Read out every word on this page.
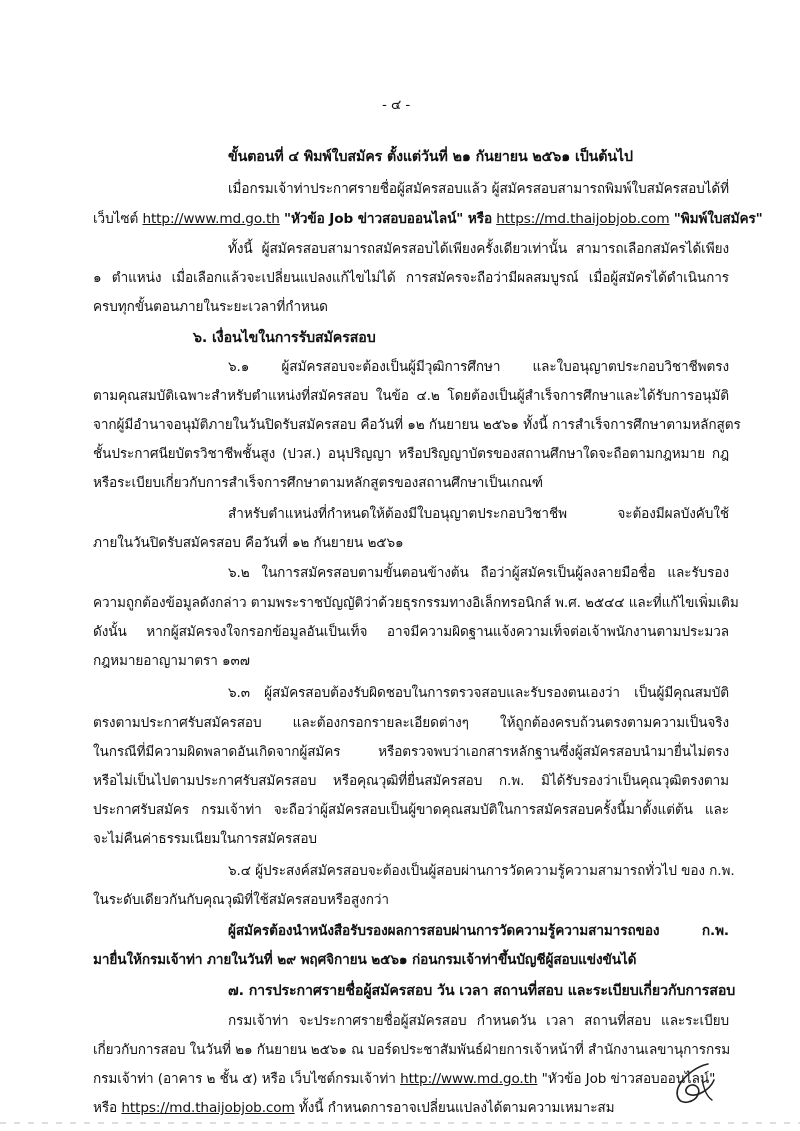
- ๔ -
ขั้นตอนที่ ๔ พิมพ์ใบสมัคร ตั้งแต่วันที่ ๒๑ กันยายน ๒๕๖๑ เป็นต้นไป
เมื่อกรมเจ้าท่าประกาศรายชื่อผู้สมัครสอบแล้ว ผู้สมัครสอบสามารถพิมพ์ใบสมัครสอบได้ที่
เว็บไซต์ http://www.md.go.th "หัวข้อ Job ข่าวสอบออนไลน์" หรือ https://md.thaijobjob.com "พิมพ์ใบสมัคร"
ทั้งนี้ ผู้สมัครสอบสามารถสมัครสอบได้เพียงครั้งเดียวเท่านั้น สามารถเลือกสมัครได้เพียง
๑ ตำแหน่ง เมื่อเลือกแล้วจะเปลี่ยนแปลงแก้ไขไม่ได้ การสมัครจะถือว่ามีผลสมบูรณ์ เมื่อผู้สมัครได้ดำเนินการ
ครบทุกขั้นตอนภายในระยะเวลาที่กำหนด
๖. เงื่อนไขในการรับสมัครสอบ
๖.๑ ผู้สมัครสอบจะต้องเป็นผู้มีวุฒิการศึกษา และใบอนุญาตประกอบวิชาชีพตรง
ตามคุณสมบัติเฉพาะสำหรับตำแหน่งที่สมัครสอบ ในข้อ ๔.๒ โดยต้องเป็นผู้สำเร็จการศึกษาและได้รับการอนุมัติ
จากผู้มีอำนาจอนุมัติภายในวันปิดรับสมัครสอบ คือวันที่ ๑๒ กันยายน ๒๕๖๑ ทั้งนี้ การสำเร็จการศึกษาตามหลักสูตร
ชั้นประกาศนียบัตรวิชาชีพชั้นสูง (ปวส.) อนุปริญญา หรือปริญญาบัตรของสถานศึกษาใดจะถือตามกฎหมาย กฎ
หรือระเบียบเกี่ยวกับการสำเร็จการศึกษาตามหลักสูตรของสถานศึกษาเป็นเกณฑ์
สำหรับตำแหน่งที่กำหนดให้ต้องมีใบอนุญาตประกอบวิชาชีพ จะต้องมีผลบังคับใช้
ภายในวันปิดรับสมัครสอบ คือวันที่ ๑๒ กันยายน ๒๕๖๑
๖.๒ ในการสมัครสอบตามขั้นตอนข้างต้น ถือว่าผู้สมัครเป็นผู้ลงลายมือชื่อ และรับรอง
ความถูกต้องข้อมูลดังกล่าว ตามพระราชบัญญัติว่าด้วยธุรกรรมทางอิเล็กทรอนิกส์ พ.ศ. ๒๕๔๔ และที่แก้ไขเพิ่มเติม
ดังนั้น หากผู้สมัครจงใจกรอกข้อมูลอันเป็นเท็จ อาจมีความผิดฐานแจ้งความเท็จต่อเจ้าพนักงานตามประมวล
กฎหมายอาญามาตรา ๑๓๗
๖.๓ ผู้สมัครสอบต้องรับผิดชอบในการตรวจสอบและรับรองตนเองว่า เป็นผู้มีคุณสมบัติ
ตรงตามประกาศรับสมัครสอบ และต้องกรอกรายละเอียดต่างๆ ให้ถูกต้องครบถ้วนตรงตามความเป็นจริง
ในกรณีที่มีความผิดพลาดอันเกิดจากผู้สมัคร หรือตรวจพบว่าเอกสารหลักฐานซึ่งผู้สมัครสอบนำมายื่นไม่ตรง
หรือไม่เป็นไปตามประกาศรับสมัครสอบ หรือคุณวุฒิที่ยื่นสมัครสอบ ก.พ. มิได้รับรองว่าเป็นคุณวุฒิตรงตาม
ประกาศรับสมัคร กรมเจ้าท่า จะถือว่าผู้สมัครสอบเป็นผู้ขาดคุณสมบัติในการสมัครสอบครั้งนี้มาตั้งแต่ต้น และ
จะไม่คืนค่าธรรมเนียมในการสมัครสอบ
๖.๔ ผู้ประสงค์สมัครสอบจะต้องเป็นผู้สอบผ่านการวัดความรู้ความสามารถทั่วไป ของ ก.พ.
ในระดับเดียวกันกับคุณวุฒิที่ใช้สมัครสอบหรือสูงกว่า
ผู้สมัครต้องนำหนังสือรับรองผลการสอบผ่านการวัดความรู้ความสามารถของ ก.พ.
มายื่นให้กรมเจ้าท่า ภายในวันที่ ๒๙ พฤศจิกายน ๒๕๖๑ ก่อนกรมเจ้าท่าขึ้นบัญชีผู้สอบแข่งขันได้
๗. การประกาศรายชื่อผู้สมัครสอบ วัน เวลา สถานที่สอบ และระเบียบเกี่ยวกับการสอบ
กรมเจ้าท่า จะประกาศรายชื่อผู้สมัครสอบ กำหนดวัน เวลา สถานที่สอบ และระเบียบ
เกี่ยวกับการสอบ ในวันที่ ๒๑ กันยายน ๒๕๖๑ ณ บอร์ดประชาสัมพันธ์ฝ่ายการเจ้าหน้าที่ สำนักงานเลขานุการกรม
กรมเจ้าท่า (อาคาร ๒ ชั้น ๕) หรือ เว็บไซต์กรมเจ้าท่า http://www.md.go.th "หัวข้อ Job ข่าวสอบออนไลน์"
หรือ https://md.thaijobjob.com ทั้งนี้ กำหนดการอาจเปลี่ยนแปลงได้ตามความเหมาะสม
